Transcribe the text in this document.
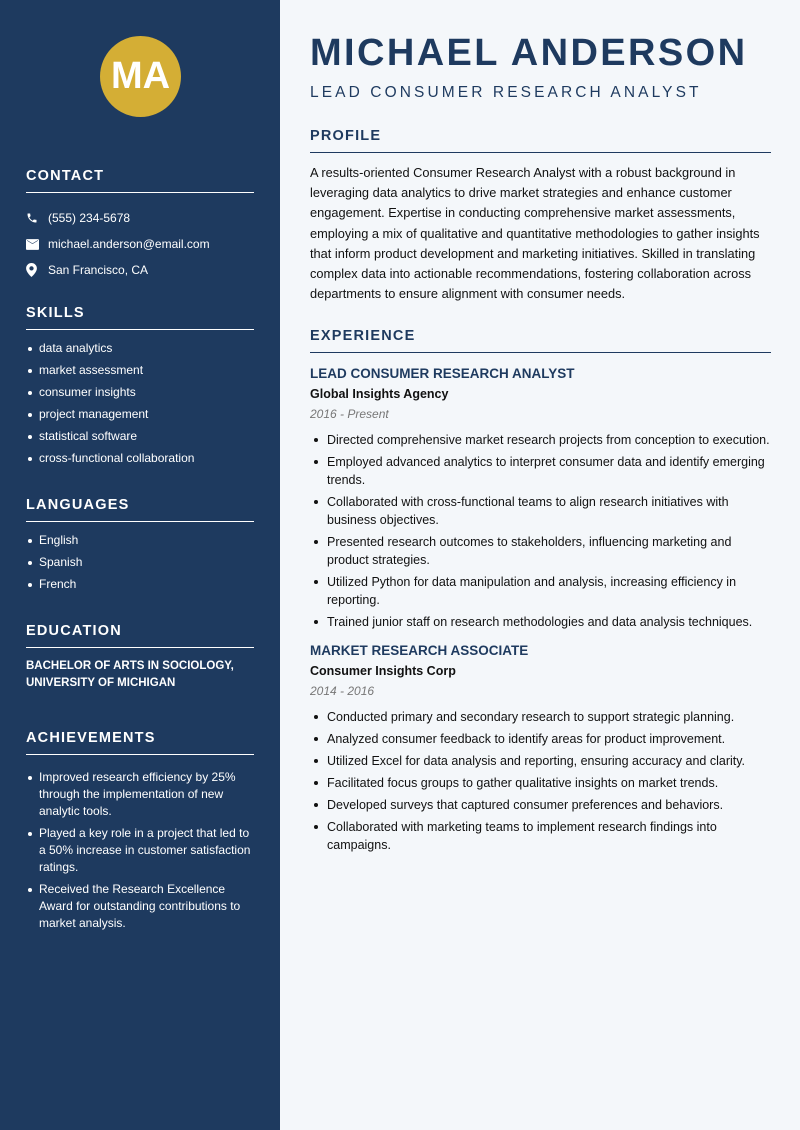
MA
CONTACT
(555) 234-5678
michael.anderson@email.com
San Francisco, CA
SKILLS
data analytics
market assessment
consumer insights
project management
statistical software
cross-functional collaboration
LANGUAGES
English
Spanish
French
EDUCATION
BACHELOR OF ARTS IN SOCIOLOGY, UNIVERSITY OF MICHIGAN
ACHIEVEMENTS
Improved research efficiency by 25% through the implementation of new analytic tools.
Played a key role in a project that led to a 50% increase in customer satisfaction ratings.
Received the Research Excellence Award for outstanding contributions to market analysis.
MICHAEL ANDERSON
LEAD CONSUMER RESEARCH ANALYST
PROFILE

A results-oriented Consumer Research Analyst with a robust background in leveraging data analytics to drive market strategies and enhance customer engagement. Expertise in conducting comprehensive market assessments, employing a mix of qualitative and quantitative methodologies to gather insights that inform product development and marketing initiatives. Skilled in translating complex data into actionable recommendations, fostering collaboration across departments to ensure alignment with consumer needs.

EXPERIENCE
LEAD CONSUMER RESEARCH ANALYST
Global Insights Agency
2016 - Present
Directed comprehensive market research projects from conception to execution.
Employed advanced analytics to interpret consumer data and identify emerging trends.
Collaborated with cross-functional teams to align research initiatives with business objectives.
Presented research outcomes to stakeholders, influencing marketing and product strategies.
Utilized Python for data manipulation and analysis, increasing efficiency in reporting.
Trained junior staff on research methodologies and data analysis techniques.
MARKET RESEARCH ASSOCIATE
Consumer Insights Corp
2014 - 2016
Conducted primary and secondary research to support strategic planning.
Analyzed consumer feedback to identify areas for product improvement.
Utilized Excel for data analysis and reporting, ensuring accuracy and clarity.
Facilitated focus groups to gather qualitative insights on market trends.
Developed surveys that captured consumer preferences and behaviors.
Collaborated with marketing teams to implement research findings into campaigns.
